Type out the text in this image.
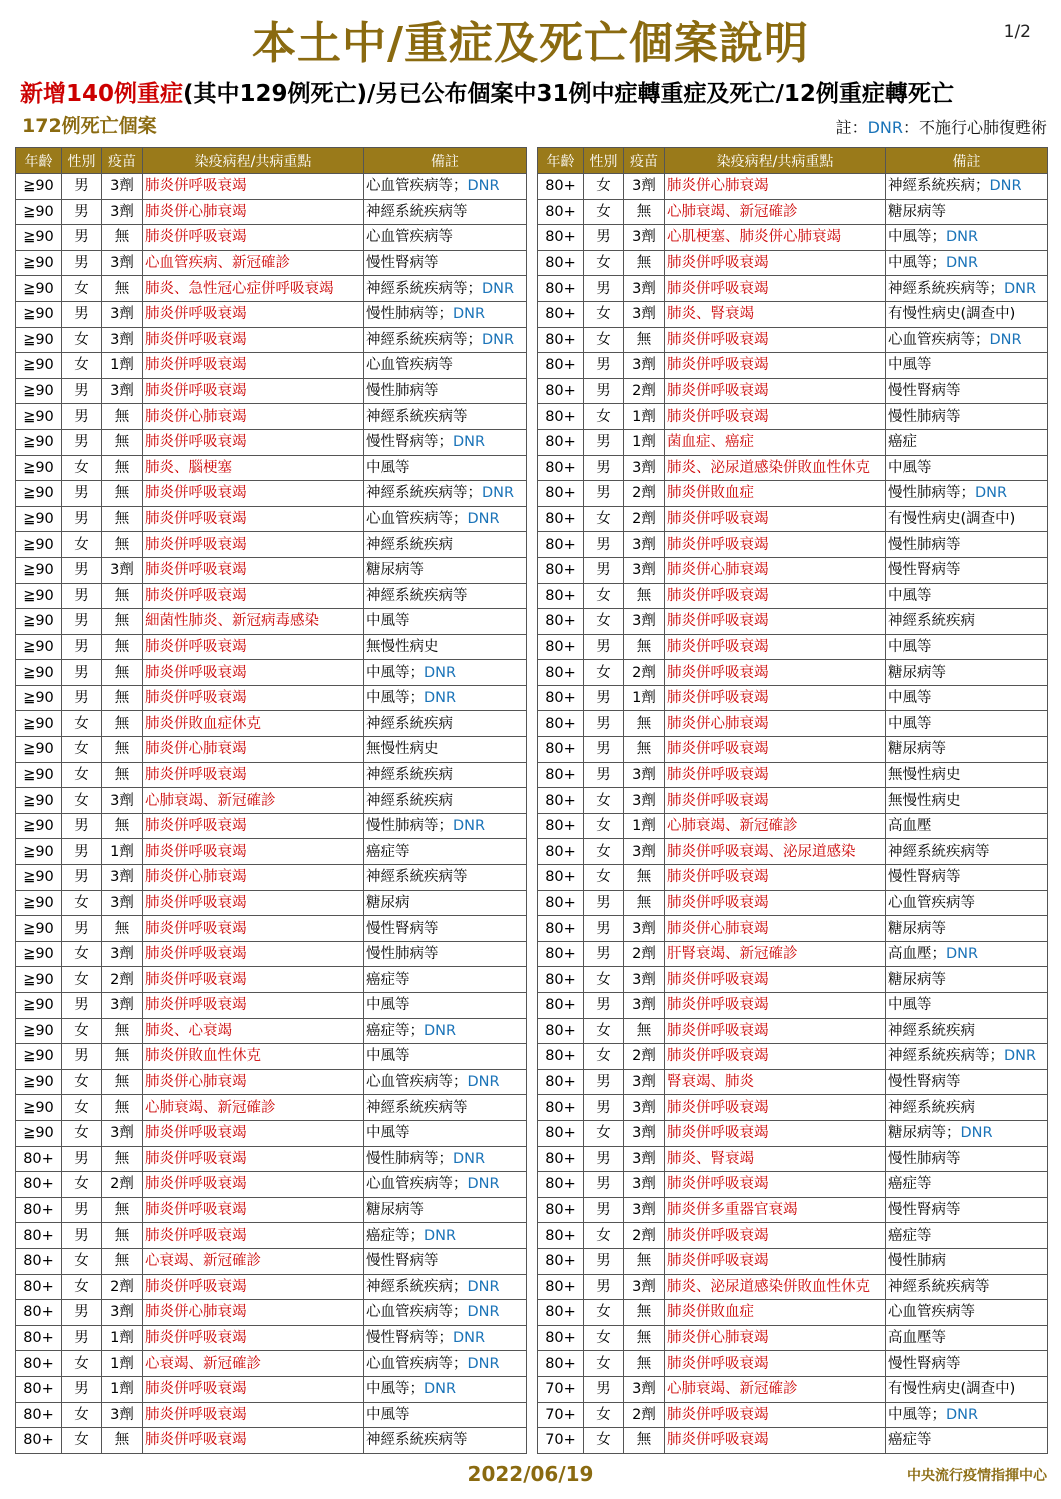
本土中/重症及死亡個案說明	1/2
新增140例重症(其中129例死亡)/另已公布個案中31例中症轉重症及死亡/12例重症轉死亡
172例死亡個案	註：DNR：不施行心肺復甦術
年齡	性別	疫苗	染疫病程/共病重點	備註
≧90	男	3劑	肺炎併呼吸衰竭	心血管疾病等；DNR
≧90	男	3劑	肺炎併心肺衰竭	神經系統疾病等
≧90	男	無	肺炎併呼吸衰竭	心血管疾病等
≧90	男	3劑	心血管疾病、新冠確診	慢性腎病等
≧90	女	無	肺炎、急性冠心症併呼吸衰竭	神經系統疾病等；DNR
≧90	男	3劑	肺炎併呼吸衰竭	慢性肺病等；DNR
≧90	女	3劑	肺炎併呼吸衰竭	神經系統疾病等；DNR
≧90	女	1劑	肺炎併呼吸衰竭	心血管疾病等
≧90	男	3劑	肺炎併呼吸衰竭	慢性肺病等
≧90	男	無	肺炎併心肺衰竭	神經系統疾病等
≧90	男	無	肺炎併呼吸衰竭	慢性腎病等；DNR
≧90	女	無	肺炎、腦梗塞	中風等
≧90	男	無	肺炎併呼吸衰竭	神經系統疾病等；DNR
≧90	男	無	肺炎併呼吸衰竭	心血管疾病等；DNR
≧90	女	無	肺炎併呼吸衰竭	神經系統疾病
≧90	男	3劑	肺炎併呼吸衰竭	糖尿病等
≧90	男	無	肺炎併呼吸衰竭	神經系統疾病等
≧90	男	無	細菌性肺炎、新冠病毒感染	中風等
≧90	男	無	肺炎併呼吸衰竭	無慢性病史
≧90	男	無	肺炎併呼吸衰竭	中風等；DNR
≧90	男	無	肺炎併呼吸衰竭	中風等；DNR
≧90	女	無	肺炎併敗血症休克	神經系統疾病
≧90	女	無	肺炎併心肺衰竭	無慢性病史
≧90	女	無	肺炎併呼吸衰竭	神經系統疾病
≧90	女	3劑	心肺衰竭、新冠確診	神經系統疾病
≧90	男	無	肺炎併呼吸衰竭	慢性肺病等；DNR
≧90	男	1劑	肺炎併呼吸衰竭	癌症等
≧90	男	3劑	肺炎併心肺衰竭	神經系統疾病等
≧90	女	3劑	肺炎併呼吸衰竭	糖尿病
≧90	男	無	肺炎併呼吸衰竭	慢性腎病等
≧90	女	3劑	肺炎併呼吸衰竭	慢性肺病等
≧90	女	2劑	肺炎併呼吸衰竭	癌症等
≧90	男	3劑	肺炎併呼吸衰竭	中風等
≧90	女	無	肺炎、心衰竭	癌症等；DNR
≧90	男	無	肺炎併敗血性休克	中風等
≧90	女	無	肺炎併心肺衰竭	心血管疾病等；DNR
≧90	女	無	心肺衰竭、新冠確診	神經系統疾病等
≧90	女	3劑	肺炎併呼吸衰竭	中風等
80+	男	無	肺炎併呼吸衰竭	慢性肺病等；DNR
80+	女	2劑	肺炎併呼吸衰竭	心血管疾病等；DNR
80+	男	無	肺炎併呼吸衰竭	糖尿病等
80+	男	無	肺炎併呼吸衰竭	癌症等；DNR
80+	女	無	心衰竭、新冠確診	慢性腎病等
80+	女	2劑	肺炎併呼吸衰竭	神經系統疾病；DNR
80+	男	3劑	肺炎併心肺衰竭	心血管疾病等；DNR
80+	男	1劑	肺炎併呼吸衰竭	慢性腎病等；DNR
80+	女	1劑	心衰竭、新冠確診	心血管疾病等；DNR
80+	男	1劑	肺炎併呼吸衰竭	中風等；DNR
80+	女	3劑	肺炎併呼吸衰竭	中風等
80+	女	無	肺炎併呼吸衰竭	神經系統疾病等
年齡	性別	疫苗	染疫病程/共病重點	備註
80+	女	3劑	肺炎併心肺衰竭	神經系統疾病；DNR
80+	女	無	心肺衰竭、新冠確診	糖尿病等
80+	男	3劑	心肌梗塞、肺炎併心肺衰竭	中風等；DNR
80+	女	無	肺炎併呼吸衰竭	中風等；DNR
80+	男	3劑	肺炎併呼吸衰竭	神經系統疾病等；DNR
80+	女	3劑	肺炎、腎衰竭	有慢性病史(調查中)
80+	女	無	肺炎併呼吸衰竭	心血管疾病等；DNR
80+	男	3劑	肺炎併呼吸衰竭	中風等
80+	男	2劑	肺炎併呼吸衰竭	慢性腎病等
80+	女	1劑	肺炎併呼吸衰竭	慢性肺病等
80+	男	1劑	菌血症、癌症	癌症
80+	男	3劑	肺炎、泌尿道感染併敗血性休克	中風等
80+	男	2劑	肺炎併敗血症	慢性肺病等；DNR
80+	女	2劑	肺炎併呼吸衰竭	有慢性病史(調查中)
80+	男	3劑	肺炎併呼吸衰竭	慢性肺病等
80+	男	3劑	肺炎併心肺衰竭	慢性腎病等
80+	女	無	肺炎併呼吸衰竭	中風等
80+	女	3劑	肺炎併呼吸衰竭	神經系統疾病
80+	男	無	肺炎併呼吸衰竭	中風等
80+	女	2劑	肺炎併呼吸衰竭	糖尿病等
80+	男	1劑	肺炎併呼吸衰竭	中風等
80+	男	無	肺炎併心肺衰竭	中風等
80+	男	無	肺炎併呼吸衰竭	糖尿病等
80+	男	3劑	肺炎併呼吸衰竭	無慢性病史
80+	女	3劑	肺炎併呼吸衰竭	無慢性病史
80+	女	1劑	心肺衰竭、新冠確診	高血壓
80+	女	3劑	肺炎併呼吸衰竭、泌尿道感染	神經系統疾病等
80+	女	無	肺炎併呼吸衰竭	慢性腎病等
80+	男	無	肺炎併呼吸衰竭	心血管疾病等
80+	男	3劑	肺炎併心肺衰竭	糖尿病等
80+	男	2劑	肝腎衰竭、新冠確診	高血壓；DNR
80+	女	3劑	肺炎併呼吸衰竭	糖尿病等
80+	男	3劑	肺炎併呼吸衰竭	中風等
80+	女	無	肺炎併呼吸衰竭	神經系統疾病
80+	女	2劑	肺炎併呼吸衰竭	神經系統疾病等；DNR
80+	男	3劑	腎衰竭、肺炎	慢性腎病等
80+	男	3劑	肺炎併呼吸衰竭	神經系統疾病
80+	女	3劑	肺炎併呼吸衰竭	糖尿病等；DNR
80+	男	3劑	肺炎、腎衰竭	慢性肺病等
80+	男	3劑	肺炎併呼吸衰竭	癌症等
80+	男	3劑	肺炎併多重器官衰竭	慢性腎病等
80+	女	2劑	肺炎併呼吸衰竭	癌症等
80+	男	無	肺炎併呼吸衰竭	慢性肺病
80+	男	3劑	肺炎、泌尿道感染併敗血性休克	神經系統疾病等
80+	女	無	肺炎併敗血症	心血管疾病等
80+	女	無	肺炎併心肺衰竭	高血壓等
80+	女	無	肺炎併呼吸衰竭	慢性腎病等
70+	男	3劑	心肺衰竭、新冠確診	有慢性病史(調查中)
70+	女	2劑	肺炎併呼吸衰竭	中風等；DNR
70+	女	無	肺炎併呼吸衰竭	癌症等
2022/06/19	中央流行疫情指揮中心
